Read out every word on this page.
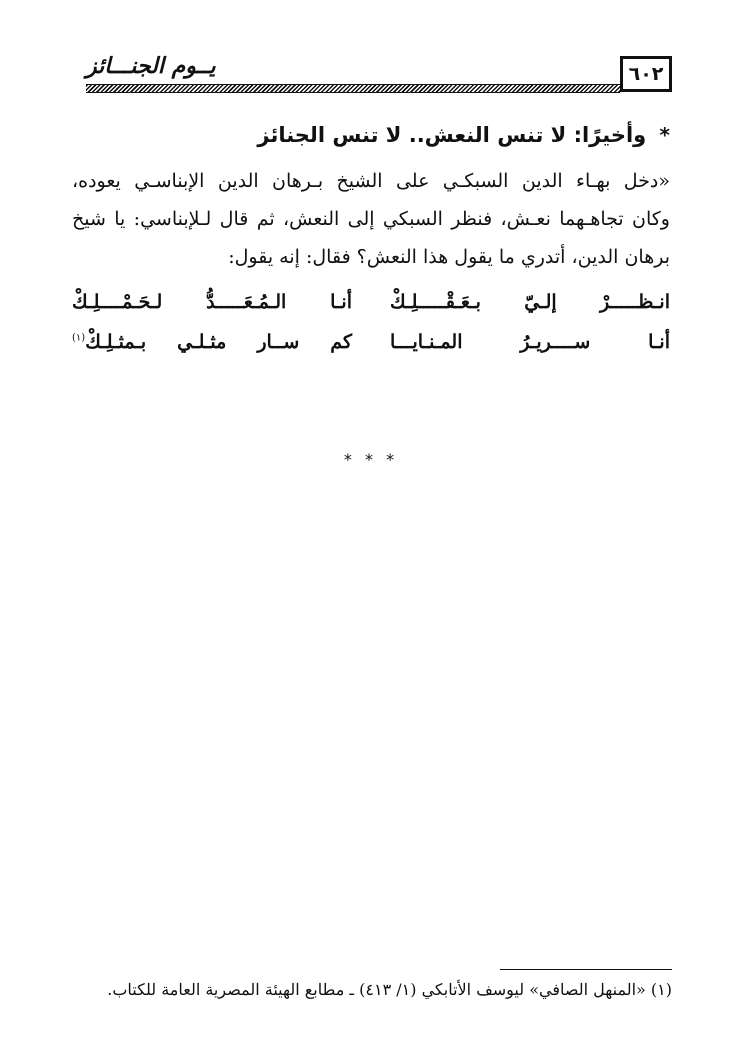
٦٠٢
يــوم الجنـــائز
* وأخيرًا: لا تنس النعش.. لا تنس الجنائز
«دخل بهـاء الدين السبكـي على الشيخ بـرهان الدين الإبناسـي يعوده،
وكان تجاهـهما نعـش، فنظر السبكي إلى النعش، ثم قال لـلإبناسي: يا شيخ
برهان الدين، أتدري ما يقول هذا النعش؟ فقال: إنه يقول:
انـظـــــرْ إلـيّ بـعَـقْـــــلِـكْ
أنـا الـمُـعَـــــدُّ لـحَـمْــــلِـكْ
أنـا ســــريـرُ المـنـايـــا
كم ســار مثـلـي بـمثـلِـكْ$^{(١)}$
* * *
(١) «المنهل الصافي» ليوسف الأتابكي (١/ ٤١٣) ـ مطابع الهيئة المصرية العامة للكتاب.
